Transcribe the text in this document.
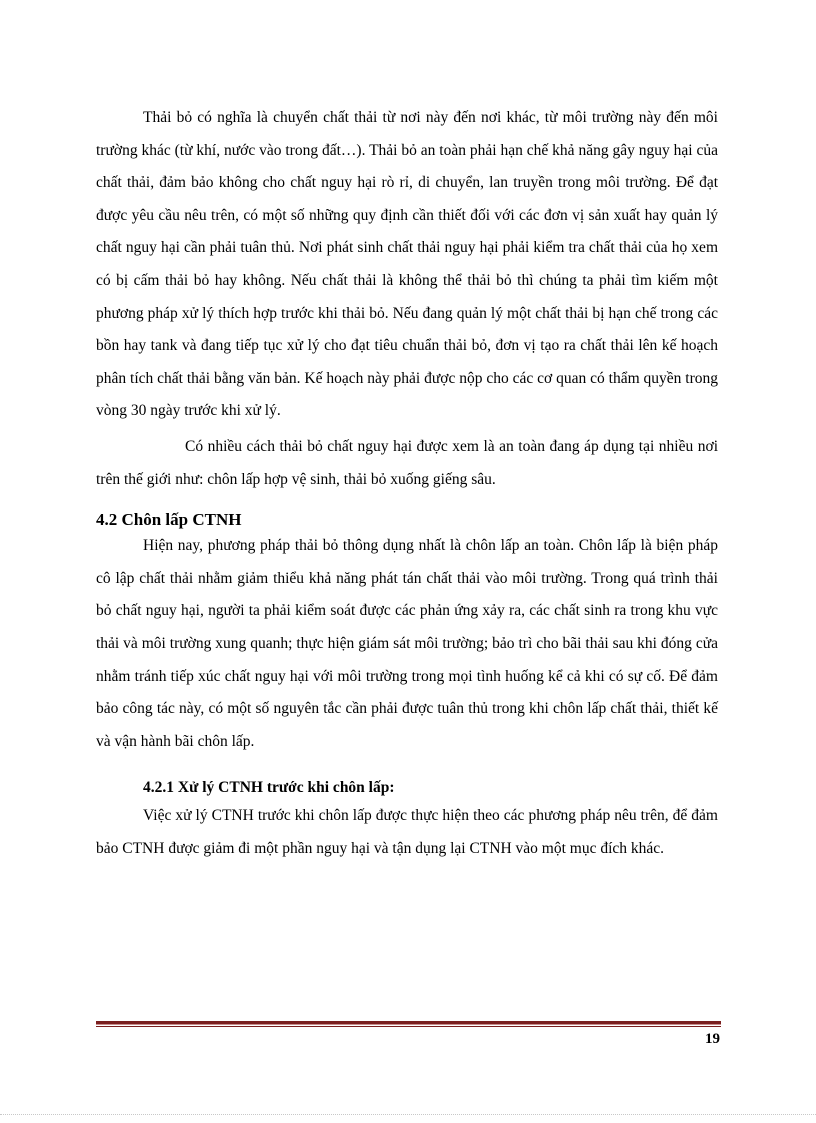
Thải bỏ có nghĩa là chuyển chất thải từ nơi này đến nơi khác, từ môi trường này đến môi trường khác (từ khí, nước vào trong đất…). Thải bỏ an toàn phải hạn chế khả năng gây nguy hại của chất thải, đảm bảo không cho chất nguy hại rò rỉ, di chuyển, lan truyền trong môi trường. Để đạt được yêu cầu nêu trên, có một số những quy định cần thiết đối với các đơn vị sản xuất hay quản lý chất nguy hại cần phải tuân thủ. Nơi phát sinh chất thải nguy hại phải kiểm tra chất thải của họ xem có bị cấm thải bỏ hay không. Nếu chất thải là không thể thải bỏ thì chúng ta phải tìm kiếm một phương pháp xử lý thích hợp trước khi thải bỏ. Nếu đang quản lý một chất thải bị hạn chế trong các bồn hay tank và đang tiếp tục xử lý cho đạt tiêu chuẩn thải bỏ, đơn vị tạo ra chất thải lên kế hoạch phân tích chất thải bằng văn bản. Kế hoạch này phải được nộp cho các cơ quan có thẩm quyền trong vòng 30 ngày trước khi xử lý.

Có nhiều cách thải bỏ chất nguy hại được xem là an toàn đang áp dụng tại nhiều nơi trên thế giới như: chôn lấp hợp vệ sinh, thải bỏ xuống giếng sâu.

4.2 Chôn lấp CTNH

Hiện nay, phương pháp thải bỏ thông dụng nhất là chôn lấp an toàn. Chôn lấp là biện pháp cô lập chất thải nhằm giảm thiểu khả năng phát tán chất thải vào môi trường. Trong quá trình thải bỏ chất nguy hại, người ta phải kiểm soát được các phản ứng xảy ra, các chất sinh ra trong khu vực thải và môi trường xung quanh; thực hiện giám sát môi trường; bảo trì cho bãi thải sau khi đóng cửa nhằm tránh tiếp xúc chất nguy hại với môi trường trong mọi tình huống kể cả khi có sự cố. Để đảm bảo công tác này, có một số nguyên tắc cần phải được tuân thủ trong khi chôn lấp chất thải, thiết kế và vận hành bãi chôn lấp.

4.2.1 Xử lý CTNH trước khi chôn lấp:

Việc xử lý CTNH trước khi chôn lấp được thực hiện theo các phương pháp nêu trên, để đảm bảo CTNH được giảm đi một phần nguy hại và tận dụng lại CTNH vào một mục đích khác.

19
